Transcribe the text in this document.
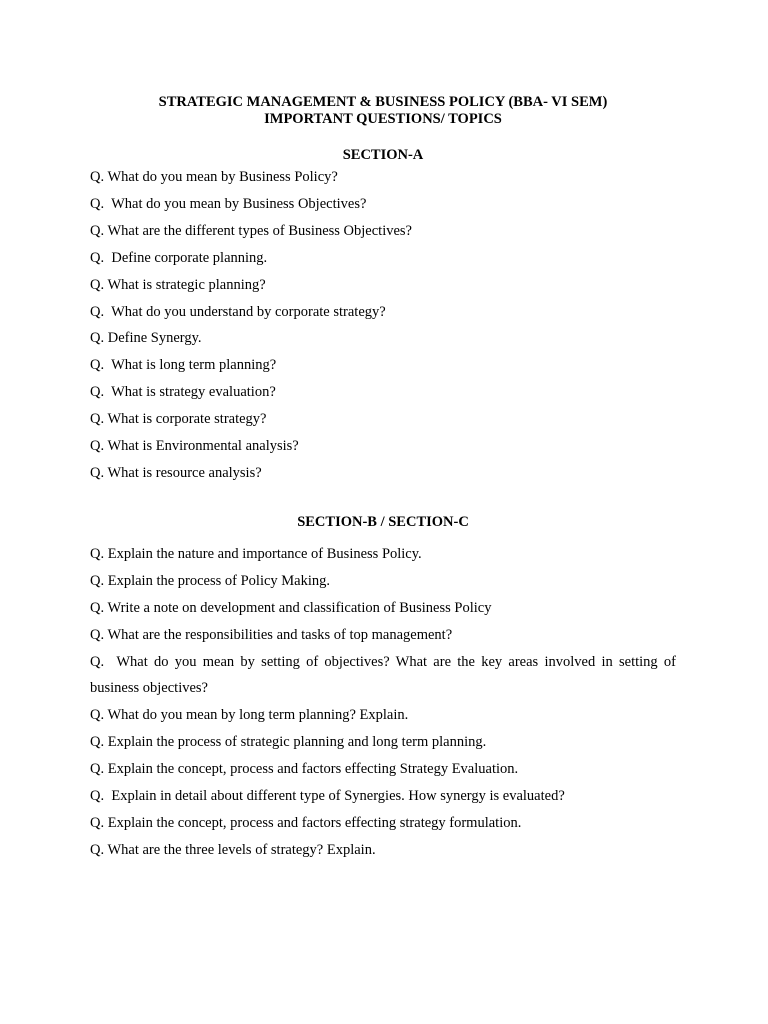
STRATEGIC MANAGEMENT & BUSINESS POLICY (BBA- VI SEM)

IMPORTANT QUESTIONS/ TOPICS

SECTION-A

Q. What do you mean by Business Policy?
Q.  What do you mean by Business Objectives?
Q. What are the different types of Business Objectives?
Q.  Define corporate planning.
Q. What is strategic planning?
Q.  What do you understand by corporate strategy?
Q. Define Synergy.
Q.  What is long term planning?
Q.  What is strategy evaluation?
Q. What is corporate strategy?
Q. What is Environmental analysis?
Q. What is resource analysis?

SECTION-B / SECTION-C

Q. Explain the nature and importance of Business Policy.
Q. Explain the process of Policy Making.
Q. Write a note on development and classification of Business Policy
Q. What are the responsibilities and tasks of top management?
Q.  What do you mean by setting of objectives? What are the key areas involved in setting of business objectives?
Q. What do you mean by long term planning? Explain.
Q. Explain the process of strategic planning and long term planning.
Q. Explain the concept, process and factors effecting Strategy Evaluation.
Q.  Explain in detail about different type of Synergies. How synergy is evaluated?
Q. Explain the concept, process and factors effecting strategy formulation.
Q. What are the three levels of strategy? Explain.
